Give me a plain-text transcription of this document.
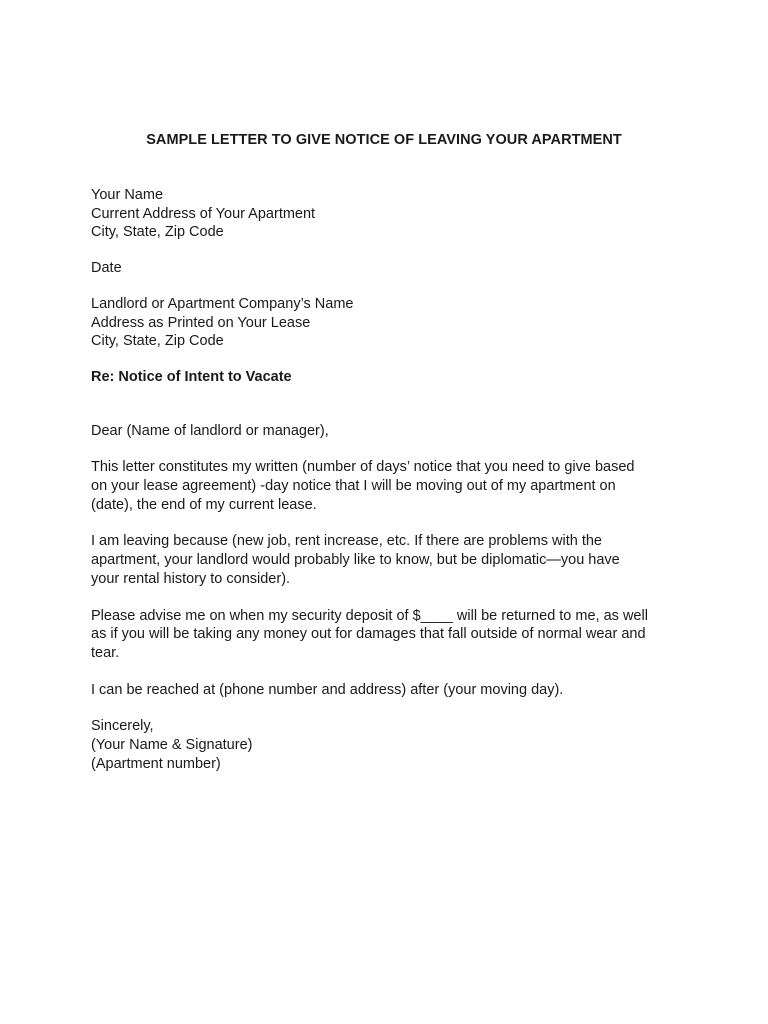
SAMPLE LETTER TO GIVE NOTICE OF LEAVING YOUR APARTMENT
Your Name
Current Address of Your Apartment
City, State, Zip Code
Date
Landlord or Apartment Company’s Name
Address as Printed on Your Lease
City, State, Zip Code
Re: Notice of Intent to Vacate
Dear (Name of landlord or manager),

This letter constitutes my written (number of days’ notice that you need to give based
on your lease agreement) -day notice that I will be moving out of my apartment on
(date), the end of my current lease.

I am leaving because (new job, rent increase, etc. If there are problems with the
apartment, your landlord would probably like to know, but be diplomatic—you have
your rental history to consider).

Please advise me on when my security deposit of $____ will be returned to me, as well
as if you will be taking any money out for damages that fall outside of normal wear and
tear.

I can be reached at (phone number and address) after (your moving day).

Sincerely,
(Your Name & Signature)
(Apartment number)
